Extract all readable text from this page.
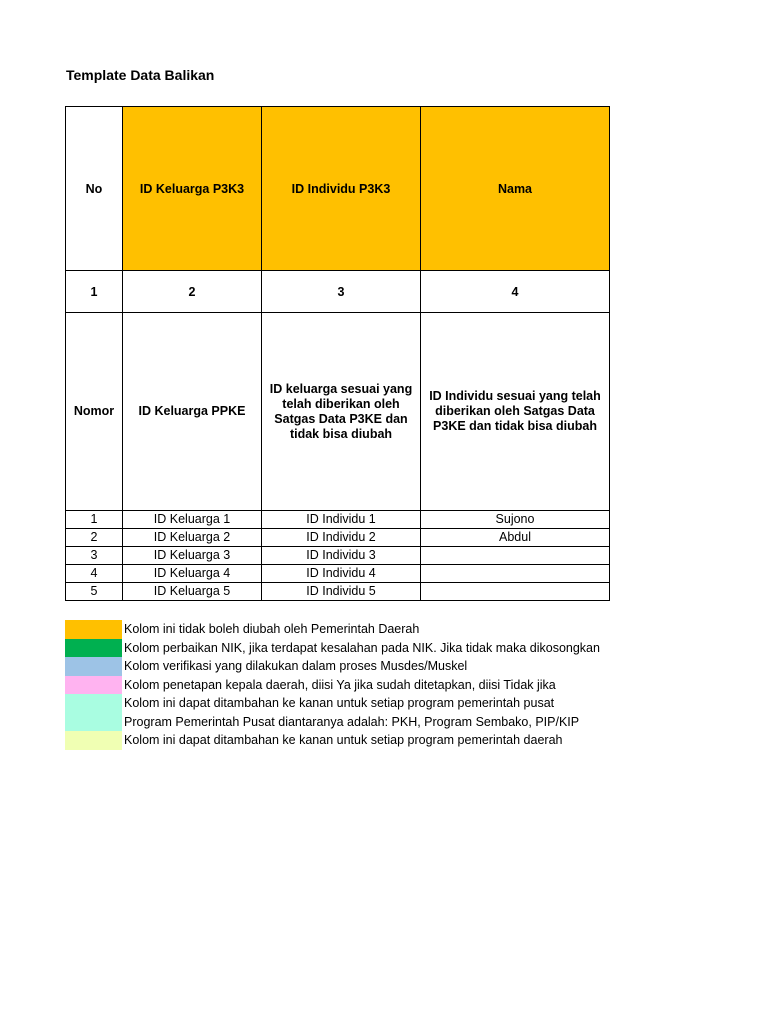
Template Data Balikan
No	ID Keluarga P3K3	ID Individu P3K3	Nama
1	2	3	4
Nomor	ID Keluarga PPKE	ID keluarga sesuai yang telah diberikan oleh Satgas Data P3KE dan tidak bisa diubah	ID Individu sesuai yang telah diberikan oleh Satgas Data P3KE dan tidak bisa diubah
1	ID Keluarga 1	ID Individu 1	Sujono
2	ID Keluarga 2	ID Individu 2	Abdul
3	ID Keluarga 3	ID Individu 3	
4	ID Keluarga 4	ID Individu 4	
5	ID Keluarga 5	ID Individu 5	
Kolom ini tidak boleh diubah oleh Pemerintah Daerah
Kolom perbaikan NIK, jika terdapat kesalahan pada NIK. Jika tidak maka dikosongkan
Kolom verifikasi yang dilakukan dalam proses Musdes/Muskel
Kolom penetapan kepala daerah, diisi Ya jika sudah ditetapkan, diisi Tidak jika
Kolom ini dapat ditambahan ke kanan untuk setiap program pemerintah pusat
Program Pemerintah Pusat diantaranya adalah: PKH, Program Sembako, PIP/KIP
Kolom ini dapat ditambahan ke kanan untuk setiap program pemerintah daerah
